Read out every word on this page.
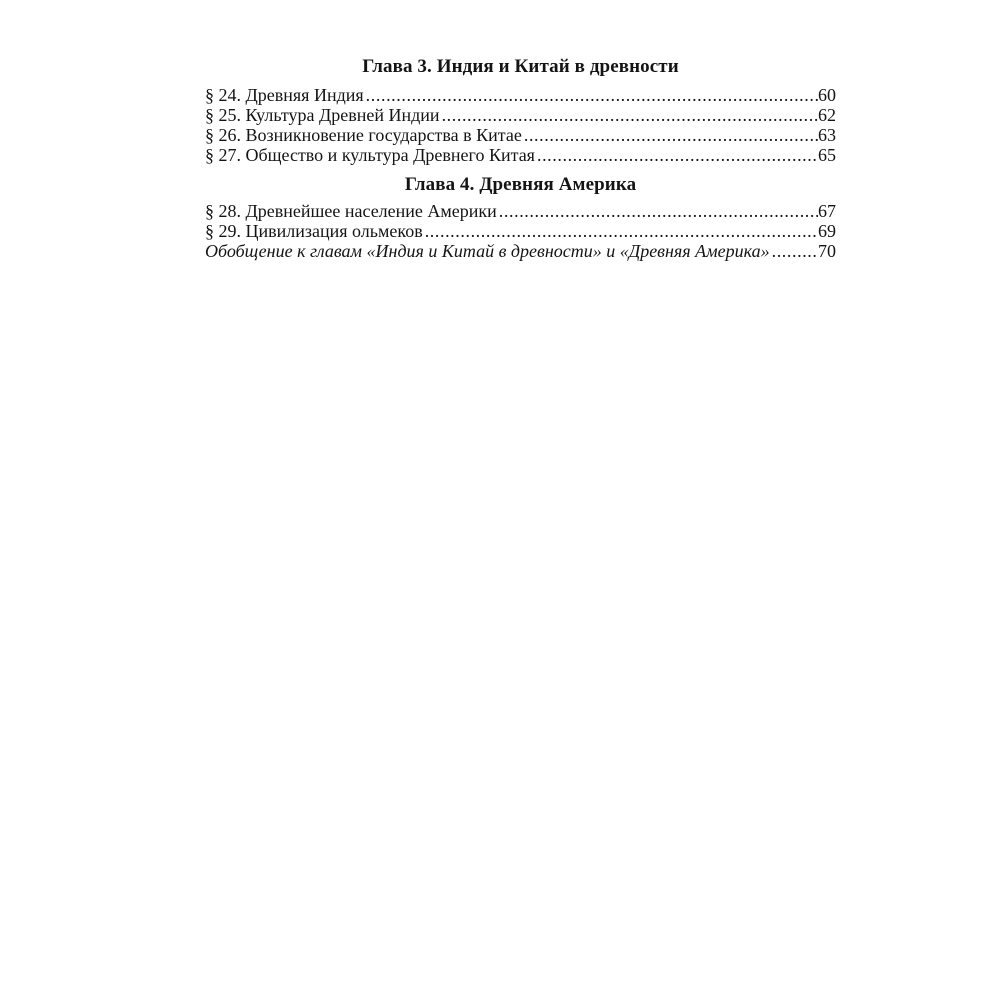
Глава 3. Индия и Китай в древности
§ 24. Древняя Индия .....	60
§ 25. Культура Древней Индии .....	62
§ 26. Возникновение государства в Китае .....	63
§ 27. Общество и культура Древнего Китая .....	65
Глава 4. Древняя Америка
§ 28. Древнейшее население Америки .....	67
§ 29. Цивилизация ольмеков .....	69
Обобщение к главам «Индия и Китай в древности» и «Древняя Америка» .....	70
